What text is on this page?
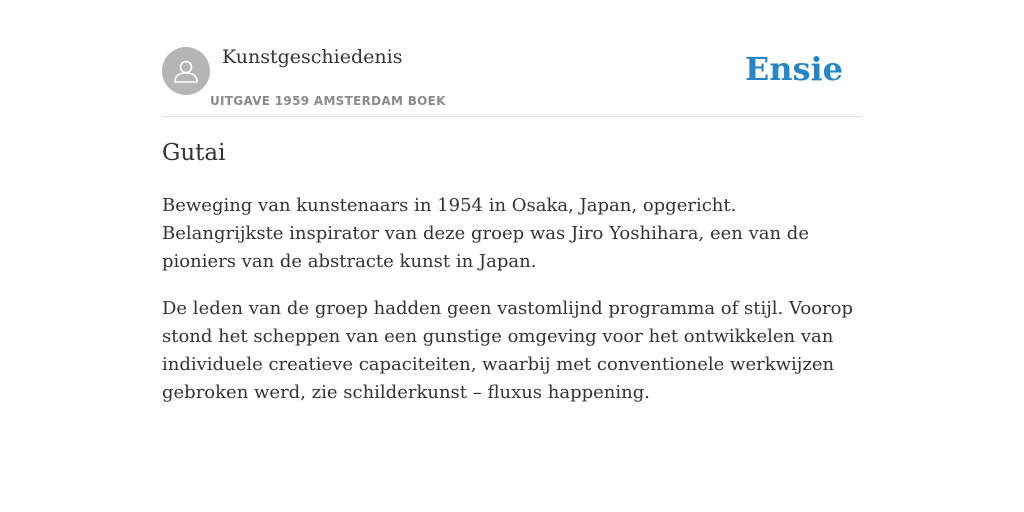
Kunstgeschiedenis
UITGAVE 1959 AMSTERDAM BOEK
Ensie
Gutai

Beweging van kunstenaars in 1954 in Osaka, Japan, opgericht. Belangrijkste inspirator van deze groep was Jiro Yoshihara, een van de pioniers van de abstracte kunst in Japan.

De leden van de groep hadden geen vastomlijnd programma of stijl. Voorop stond het scheppen van een gunstige omgeving voor het ontwikkelen van individuele creatieve capaciteiten, waarbij met conventionele werkwijzen gebroken werd, zie schilderkunst – fluxus happening.
